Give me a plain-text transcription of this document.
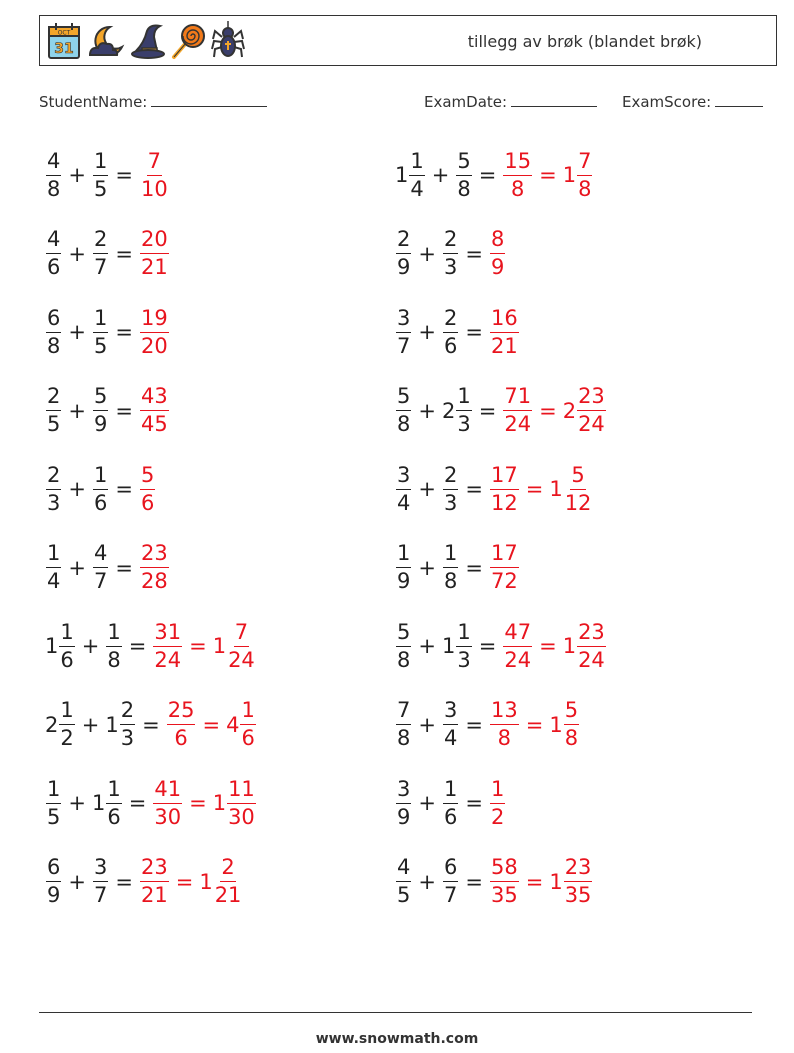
OCT
31	tillegg av brøk (blandet brøk)
StudentName:	ExamDate:	ExamScore:
$\frac{4}{8} + \frac{1}{5} = \frac{7}{10}$	$1 \frac{1}{4} + \frac{5}{8} = \frac{15}{8} = 1 \frac{7}{8}$
$\frac{4}{6} + \frac{2}{7} = \frac{20}{21}$	$\frac{2}{9} + \frac{2}{3} = \frac{8}{9}$
$\frac{6}{8} + \frac{1}{5} = \frac{19}{20}$	$\frac{3}{7} + \frac{2}{6} = \frac{16}{21}$
$\frac{2}{5} + \frac{5}{9} = \frac{43}{45}$	$\frac{5}{8} + 2 \frac{1}{3} = \frac{71}{24} = 2 \frac{23}{24}$
$\frac{2}{3} + \frac{1}{6} = \frac{5}{6}$	$\frac{3}{4} + \frac{2}{3} = \frac{17}{12} = 1 \frac{5}{12}$
$\frac{1}{4} + \frac{4}{7} = \frac{23}{28}$	$\frac{1}{9} + \frac{1}{8} = \frac{17}{72}$
$1 \frac{1}{6} + \frac{1}{8} = \frac{31}{24} = 1 \frac{7}{24}$	$\frac{5}{8} + 1 \frac{1}{3} = \frac{47}{24} = 1 \frac{23}{24}$
$2 \frac{1}{2} + 1 \frac{2}{3} = \frac{25}{6} = 4 \frac{1}{6}$	$\frac{7}{8} + \frac{3}{4} = \frac{13}{8} = 1 \frac{5}{8}$
$\frac{1}{5} + 1 \frac{1}{6} = \frac{41}{30} = 1 \frac{11}{30}$	$\frac{3}{9} + \frac{1}{6} = \frac{1}{2}$
$\frac{6}{9} + \frac{3}{7} = \frac{23}{21} = 1 \frac{2}{21}$	$\frac{4}{5} + \frac{6}{7} = \frac{58}{35} = 1 \frac{23}{35}$
www.snowmath.com
